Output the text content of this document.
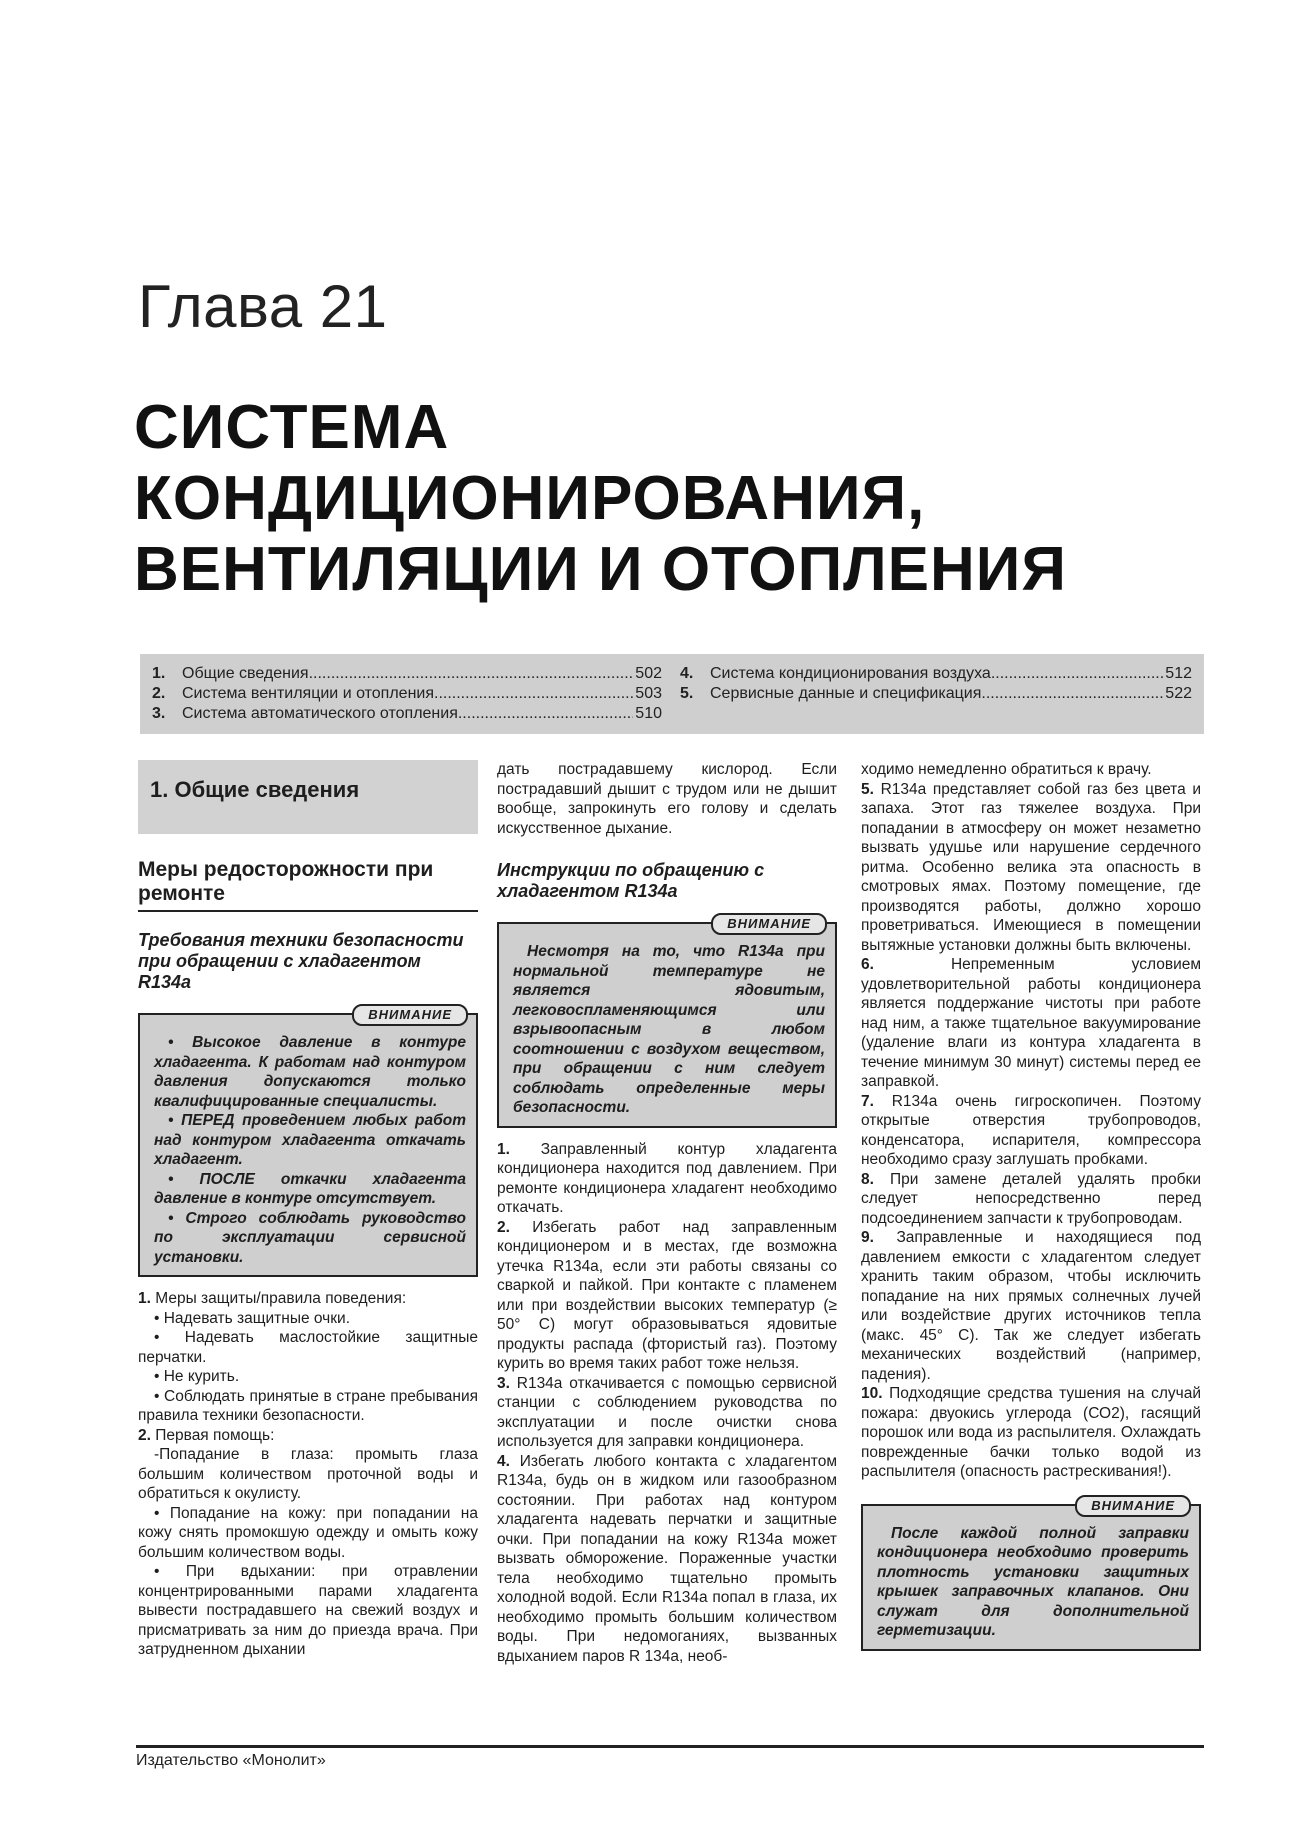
Глава 21
СИСТЕМА
КОНДИЦИОНИРОВАНИЯ,
ВЕНТИЛЯЦИИ И ОТОПЛЕНИЯ
1.	Общие сведения .....	502
2.	Система вентиляции и отопления .....	503
3.	Система автоматического отопления .....	510
4.	Система кондиционирования воздуха .....	512
5.	Сервисные данные и спецификация .....	522
1. Общие сведения
Меры редосторожности при ремонте
Требования техники безопасности при обращении с хладагентом R134a
ВНИМАНИЕ

• Высокое давление в контуре хладагента. К работам над контуром давления допускаются только квалифицированные специалисты.

• ПЕРЕД проведением любых работ над контуром хладагента откачать хладагент.

• ПОСЛЕ откачки хладагента давление в контуре отсутствует.

• Строго соблюдать руководство по эксплуатации сервисной установки.

1. Меры защиты/правила поведения:

• Надевать защитные очки.

• Надевать маслостойкие защитные перчатки.

• Не курить.

• Соблюдать принятые в стране пребывания правила техники безопасности.

2. Первая помощь:

-Попадание в глаза: промыть глаза большим количеством проточной воды и обратиться к окулисту.

• Попадание на кожу: при попадании на кожу снять промокшую одежду и омыть кожу большим количеством воды.

• При вдыхании: при отравлении концентрированными парами хладагента вывести пострадавшего на свежий воздух и присматривать за ним до приезда врача. При затрудненном дыхании

дать пострадавшему кислород. Если пострадавший дышит с трудом или не дышит вообще, запрокинуть его голову и сделать искусственное дыхание.

Инструкции по обращению с хладагентом R134a
ВНИМАНИЕ

Несмотря на то, что R134a при нормальной температуре не является ядовитым, легковоспламеняющимся или взрывоопасным в любом соотношении с воздухом веществом, при обращении с ним следует соблюдать определенные меры безопасности.

1. Заправленный контур хладагента кондиционера находится под давлением. При ремонте кондиционера хладагент необходимо откачать.

2. Избегать работ над заправленным кондиционером и в местах, где возможна утечка R134a, если эти работы связаны со сваркой и пайкой. При контакте с пламенем или при воздействии высоких температур (≥ 50° С) могут образовываться ядовитые продукты распада (фтористый газ). Поэтому курить во время таких работ тоже нельзя.

3. R134a откачивается с помощью сервисной станции с соблюдением руководства по эксплуатации и после очистки снова используется для заправки кондиционера.

4. Избегать любого контакта с хладагентом R134a, будь он в жидком или газообразном состоянии. При работах над контуром хладагента надевать перчатки и защитные очки. При попадании на кожу R134a может вызвать обморожение. Пораженные участки тела необходимо тщательно промыть холодной водой. Если R134a попал в глаза, их необходимо промыть большим количеством воды. При недомоганиях, вызванных вдыханием паров R 134a, необ-

ходимо немедленно обратиться к врачу.

5. R134a представляет собой газ без цвета и запаха. Этот газ тяжелее воздуха. При попадании в атмосферу он может незаметно вызвать удушье или нарушение сердечного ритма. Особенно велика эта опасность в смотровых ямах. Поэтому помещение, где производятся работы, должно хорошо проветриваться. Имеющиеся в помещении вытяжные установки должны быть включены.

6.	Непременным условием удовлетворительной работы кондиционера является поддержание чистоты при работе над ним, а также тщательное вакуумирование (удаление влаги из контура хладагента в течение минимум 30 минут) системы перед ее заправкой.

7. R134a очень гигроскопичен. Поэтому открытые отверстия трубопроводов, конденсатора, испарителя, компрессора необходимо сразу заглушать пробками.

8. При замене деталей удалять пробки следует непосредственно перед подсоединением запчасти к трубопроводам.

9. Заправленные и находящиеся под давлением емкости с хладагентом следует хранить таким образом, чтобы исключить попадание на них прямых солнечных лучей или воздействие других источников тепла (макс. 45° С). Так же следует избегать механических воздействий (например, падения).

10. Подходящие средства тушения на случай пожара: двуокись углерода (СО2), гасящий порошок или вода из распылителя. Охлаждать поврежденные бачки только водой из распылителя (опасность растрескивания!).

ВНИМАНИЕ

После каждой полной заправки кондиционера необходимо проверить плотность установки защитных крышек заправочных клапанов. Они служат для дополнительной герметизации.

Издательство «Монолит»
